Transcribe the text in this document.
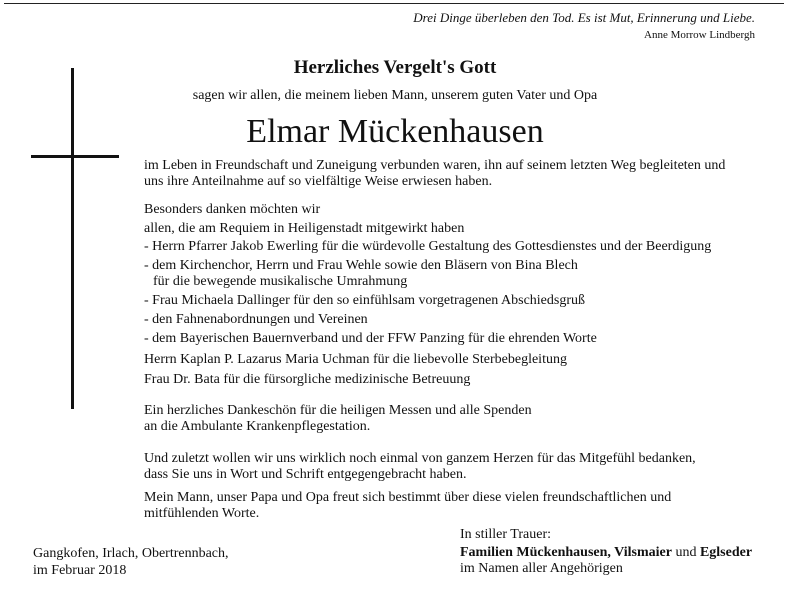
Drei Dinge überleben den Tod. Es ist Mut, Erinnerung und Liebe.
Anne Morrow Lindbergh
Herzliches Vergelt's Gott
sagen wir allen, die meinem lieben Mann, unserem guten Vater und Opa
Elmar Mückenhausen
im Leben in Freundschaft und Zuneigung verbunden waren, ihn auf seinem letzten Weg begleiteten und
uns ihre Anteilnahme auf so vielfältige Weise erwiesen haben.
Besonders danken möchten wir
allen, die am Requiem in Heiligenstadt mitgewirkt haben
- Herrn Pfarrer Jakob Ewerling für die würdevolle Gestaltung des Gottesdienstes und der Beerdigung
- dem Kirchenchor, Herrn und Frau Wehle sowie den Bläsern von Bina Blech
für die bewegende musikalische Umrahmung
- Frau Michaela Dallinger für den so einfühlsam vorgetragenen Abschiedsgruß
- den Fahnenabordnungen und Vereinen
- dem Bayerischen Bauernverband und der FFW Panzing für die ehrenden Worte
Herrn Kaplan P. Lazarus Maria Uchman für die liebevolle Sterbebegleitung
Frau Dr. Bata für die fürsorgliche medizinische Betreuung
Ein herzliches Dankeschön für die heiligen Messen und alle Spenden
an die Ambulante Krankenpflegestation.
Und zuletzt wollen wir uns wirklich noch einmal von ganzem Herzen für das Mitgefühl bedanken,
dass Sie uns in Wort und Schrift entgegengebracht haben.
Mein Mann, unser Papa und Opa freut sich bestimmt über diese vielen freundschaftlichen und
mitfühlenden Worte.
Gangkofen, Irlach, Obertrennbach,
im Februar 2018
In stiller Trauer:
Familien Mückenhausen, Vilsmaier und Eglseder
im Namen aller Angehörigen
